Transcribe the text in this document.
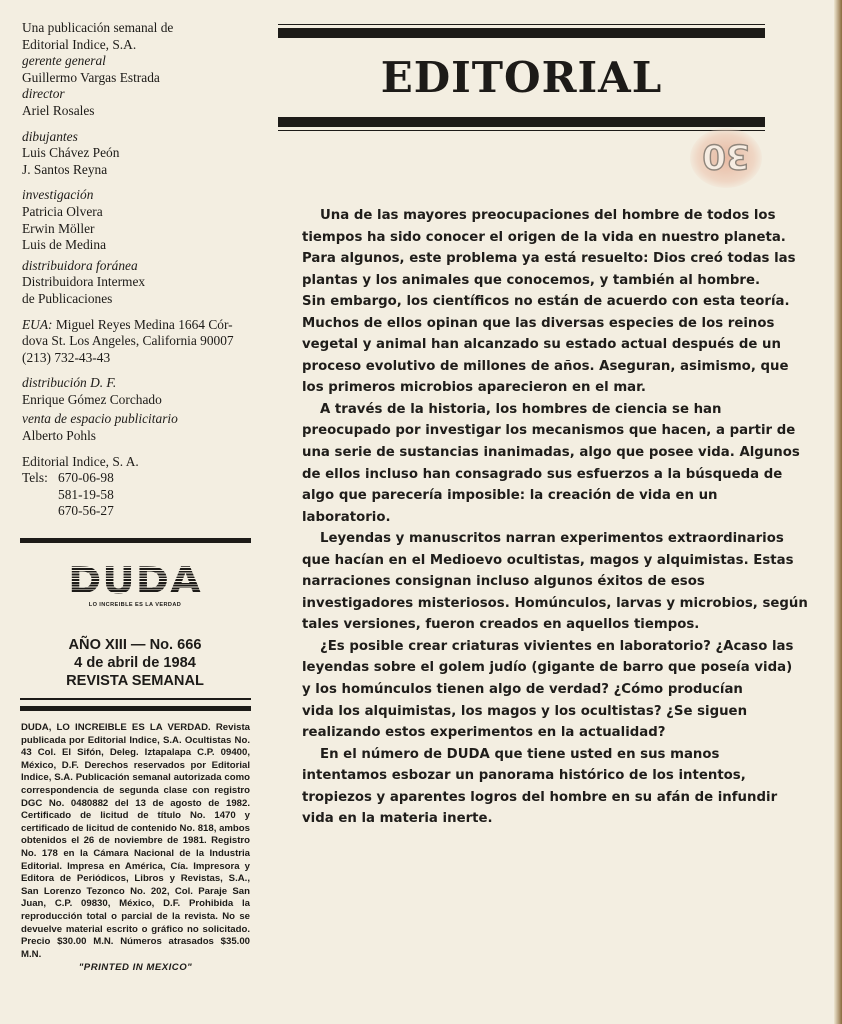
Una publicación semanal de
Editorial Indice, S.A.
gerente general
Guillermo Vargas Estrada
director
Ariel Rosales
dibujantes
Luis Chávez Peón
J. Santos Reyna
investigación
Patricia Olvera
Erwin Möller
Luis de Medina
distribuidora foránea
Distribuidora Intermex
de Publicaciones
EUA: Miguel Reyes Medina 1664 Cór-
dova St. Los Angeles, California 90007
(213) 732-43-43
distribución D. F.
Enrique Gómez Corchado
venta de espacio publicitario
Alberto Pohls
Editorial Indice, S. A.
Tels: 670-06-98
581-19-58
670-56-27
DUDA
LO INCREIBLE ES LA VERDAD
AÑO XIII — No. 666
4 de abril de 1984
REVISTA SEMANAL
DUDA, LO INCREIBLE ES LA VERDAD. Revista publicada por Editorial Indice, S.A. Ocultistas No. 43 Col. El Sifón, Deleg. Iztapalapa C.P. 09400, México, D.F. Derechos reservados por Editorial Indice, S.A. Publicación semanal autorizada como correspondencia de segunda clase con registro DGC No. 0480882 del 13 de agosto de 1982. Certificado de licitud de título No. 1470 y certificado de licitud de contenido No. 818, ambos obtenidos el 26 de noviembre de 1981. Registro No. 178 en la Cámara Nacional de la Industria Editorial. Impresa en América, Cía. Impresora y Editora de Periódicos, Libros y Revistas, S.A., San Lorenzo Tezonco No. 202, Col. Paraje San Juan, C.P. 09830, México, D.F. Prohibida la reproducción total o parcial de la revista. No se devuelve material escrito o gráfico no solicitado. Precio $30.00 M.N. Números atrasados $35.00 M.N.
"PRINTED IN MEXICO"
EDITORIAL
30

Una de las mayores preocupaciones del hombre de todos los
tiempos ha sido conocer el origen de la vida en nuestro planeta.
Para algunos, este problema ya está resuelto: Dios creó todas las
plantas y los animales que conocemos, y también al hombre.
Sin embargo, los científicos no están de acuerdo con esta teoría.
Muchos de ellos opinan que las diversas especies de los reinos
vegetal y animal han alcanzado su estado actual después de un
proceso evolutivo de millones de años. Aseguran, asimismo, que
los primeros microbios aparecieron en el mar.

A través de la historia, los hombres de ciencia se han
preocupado por investigar los mecanismos que hacen, a partir de
una serie de sustancias inanimadas, algo que posee vida. Algunos
de ellos incluso han consagrado sus esfuerzos a la búsqueda de
algo que parecería imposible: la creación de vida en un
laboratorio.

Leyendas y manuscritos narran experimentos extraordinarios
que hacían en el Medioevo ocultistas, magos y alquimistas. Estas
narraciones consignan incluso algunos éxitos de esos
investigadores misteriosos. Homúnculos, larvas y microbios, según
tales versiones, fueron creados en aquellos tiempos.

¿Es posible crear criaturas vivientes en laboratorio? ¿Acaso las
leyendas sobre el golem judío (gigante de barro que poseía vida)
y los homúnculos tienen algo de verdad? ¿Cómo producían
vida los alquimistas, los magos y los ocultistas? ¿Se siguen
realizando estos experimentos en la actualidad?

En el número de DUDA que tiene usted en sus manos
intentamos esbozar un panorama histórico de los intentos,
tropiezos y aparentes logros del hombre en su afán de infundir
vida en la materia inerte.
